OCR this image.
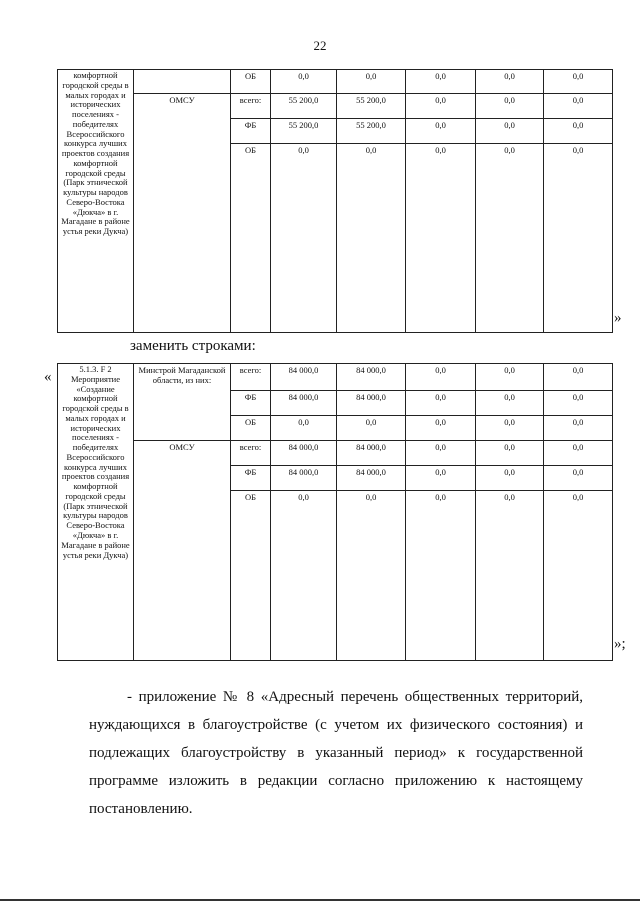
22
комфортной городской среды в малых городах и исторических поселениях - победителях Всероссийского конкурса лучших проектов создания комфортной городской среды (Парк этнической культуры народов Северо-Востока «Дюкча» в г. Магадане в районе устья реки Дукча)		ОБ	0,0	0,0	0,0	0,0	0,0
	ОМСУ	всего:	55 200,0	55 200,0	0,0	0,0	0,0
		ФБ	55 200,0	55 200,0	0,0	0,0	0,0
		ОБ	0,0	0,0	0,0	0,0	0,0
»
заменить строками:
«	5.1.3. F 2 Мероприятие «Создание комфортной городской среды в малых городах и исторических поселениях - победителях Всероссийского конкурса лучших проектов создания комфортной городской среды (Парк этнической культуры народов Северо-Востока «Дюкча» в г. Магадане в районе устья реки Дукча)	Минстрой Магаданской области, из них:	всего:	84 000,0	84 000,0	0,0	0,0	0,0
		ФБ	84 000,0	84 000,0	0,0	0,0	0,0
		ОБ	0,0	0,0	0,0	0,0	0,0
	ОМСУ	всего:	84 000,0	84 000,0	0,0	0,0	0,0
		ФБ	84 000,0	84 000,0	0,0	0,0	0,0
		ОБ	0,0	0,0	0,0	0,0	0,0
»;
- приложение № 8 «Адресный перечень общественных территорий, нуждающихся в благоустройстве (с учетом их физического состояния) и подлежащих благоустройству в указанный период» к государственной программе изложить в редакции согласно приложению к настоящему постановлению.
